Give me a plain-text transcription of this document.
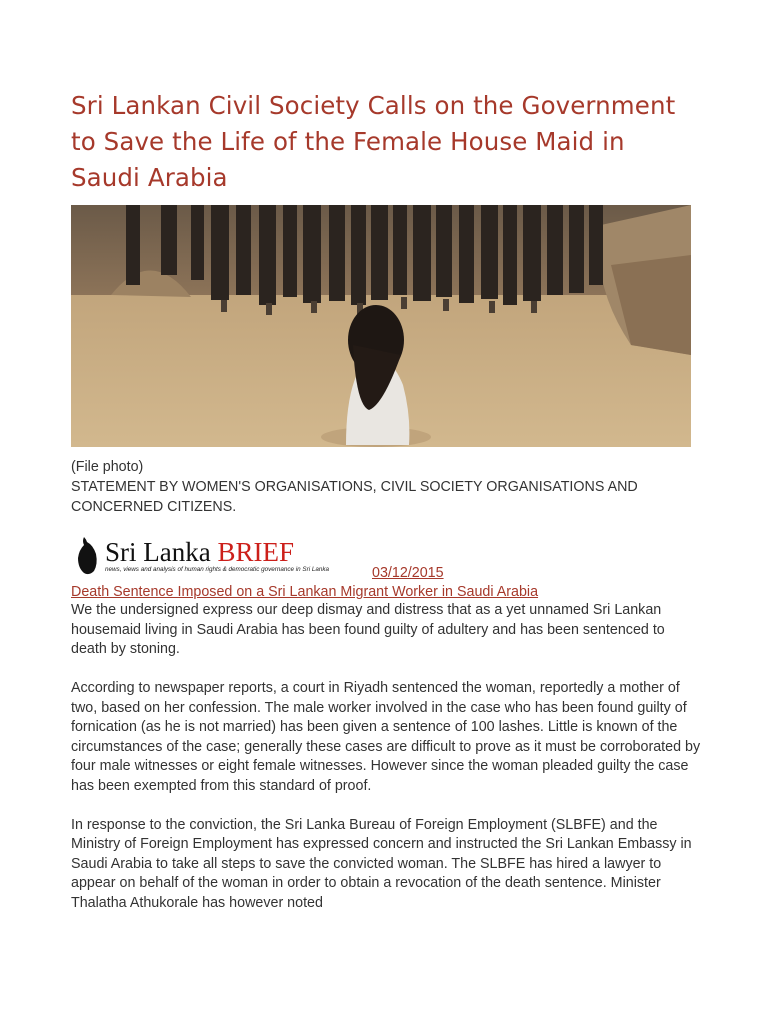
Sri Lankan Civil Society Calls on the Government to Save the Life of the Female House Maid in Saudi Arabia
(File photo)
STATEMENT BY WOMEN'S ORGANISATIONS, CIVIL SOCIETY ORGANISATIONS AND CONCERNED CITIZENS.
Sri Lanka BRIEF
news, views and analysis of human rights & democratic governance in Sri Lanka	03/12/2015
Death Sentence Imposed on a Sri Lankan Migrant Worker in Saudi Arabia

We the undersigned express our deep dismay and distress that as a yet unnamed Sri Lankan housemaid living in Saudi Arabia has been found guilty of adultery and has been sentenced to death by stoning.

According to newspaper reports, a court in Riyadh sentenced the woman, reportedly a mother of two, based on her confession. The male worker involved in the case who has been found guilty of fornication (as he is not married) has been given a sentence of 100 lashes. Little is known of the circumstances of the case; generally these cases are difficult to prove as it must be corroborated by four male witnesses or eight female witnesses. However since the woman pleaded guilty the case has been exempted from this standard of proof.

In response to the conviction, the Sri Lanka Bureau of Foreign Employment (SLBFE) and the Ministry of Foreign Employment has expressed concern and instructed the Sri Lankan Embassy in Saudi Arabia to take all steps to save the convicted woman. The SLBFE has hired a lawyer to appear on behalf of the woman in order to obtain a revocation of the death sentence. Minister Thalatha Athukorale has however noted
